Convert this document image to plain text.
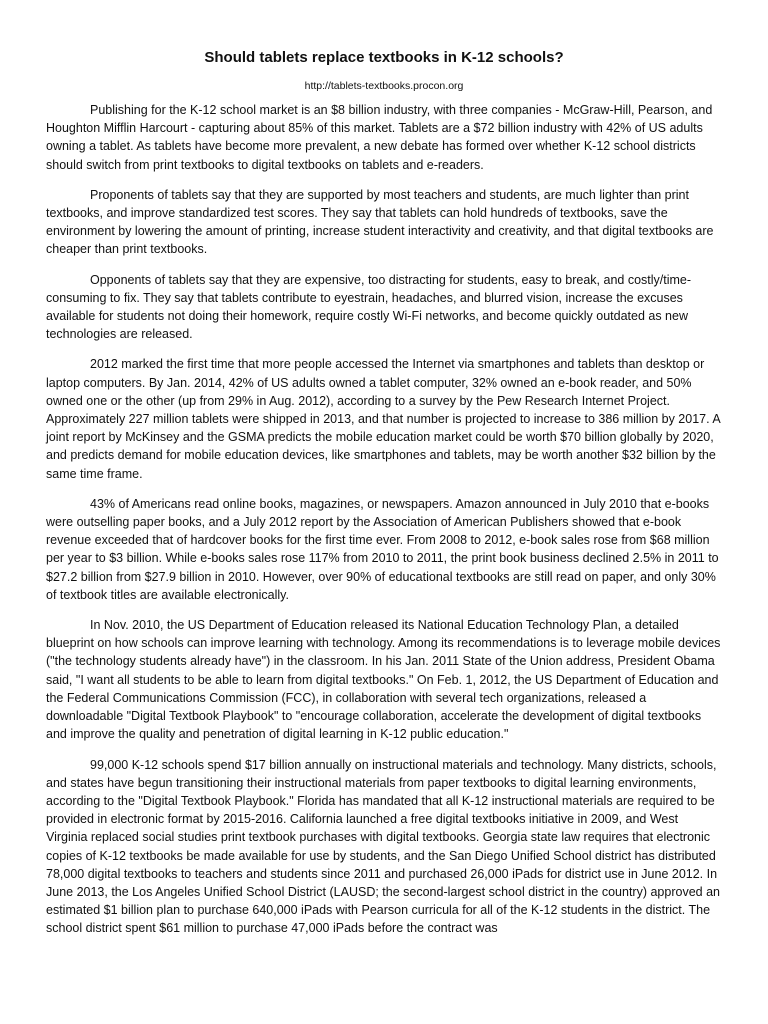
Should tablets replace textbooks in K-12 schools?
http://tablets-textbooks.procon.org

Publishing for the K-12 school market is an $8 billion industry, with three companies - McGraw-Hill, Pearson, and Houghton Mifflin Harcourt - capturing about 85% of this market. Tablets are a $72 billion industry with 42% of US adults owning a tablet. As tablets have become more prevalent, a new debate has formed over whether K-12 school districts should switch from print textbooks to digital textbooks on tablets and e-readers.

Proponents of tablets say that they are supported by most teachers and students, are much lighter than print textbooks, and improve standardized test scores. They say that tablets can hold hundreds of textbooks, save the environment by lowering the amount of printing, increase student interactivity and creativity, and that digital textbooks are cheaper than print textbooks.

Opponents of tablets say that they are expensive, too distracting for students, easy to break, and costly/time-consuming to fix. They say that tablets contribute to eyestrain, headaches, and blurred vision, increase the excuses available for students not doing their homework, require costly Wi-Fi networks, and become quickly outdated as new technologies are released.

2012 marked the first time that more people accessed the Internet via smartphones and tablets than desktop or laptop computers. By Jan. 2014, 42% of US adults owned a tablet computer, 32% owned an e-book reader, and 50% owned one or the other (up from 29% in Aug. 2012), according to a survey by the Pew Research Internet Project. Approximately 227 million tablets were shipped in 2013, and that number is projected to increase to 386 million by 2017. A joint report by McKinsey and the GSMA predicts the mobile education market could be worth $70 billion globally by 2020, and predicts demand for mobile education devices, like smartphones and tablets, may be worth another $32 billion by the same time frame.

43% of Americans read online books, magazines, or newspapers. Amazon announced in July 2010 that e-books were outselling paper books, and a July 2012 report by the Association of American Publishers showed that e-book revenue exceeded that of hardcover books for the first time ever. From 2008 to 2012, e-book sales rose from $68 million per year to $3 billion. While e-books sales rose 117% from 2010 to 2011, the print book business declined 2.5% in 2011 to $27.2 billion from $27.9 billion in 2010. However, over 90% of educational textbooks are still read on paper, and only 30% of textbook titles are available electronically.

In Nov. 2010, the US Department of Education released its National Education Technology Plan, a detailed blueprint on how schools can improve learning with technology. Among its recommendations is to leverage mobile devices ("the technology students already have") in the classroom. In his Jan. 2011 State of the Union address, President Obama said, "I want all students to be able to learn from digital textbooks." On Feb. 1, 2012, the US Department of Education and the Federal Communications Commission (FCC), in collaboration with several tech organizations, released a downloadable "Digital Textbook Playbook" to "encourage collaboration, accelerate the development of digital textbooks and improve the quality and penetration of digital learning in K-12 public education."

99,000 K-12 schools spend $17 billion annually on instructional materials and technology. Many districts, schools, and states have begun transitioning their instructional materials from paper textbooks to digital learning environments, according to the "Digital Textbook Playbook." Florida has mandated that all K-12 instructional materials are required to be provided in electronic format by 2015-2016. California launched a free digital textbooks initiative in 2009, and West Virginia replaced social studies print textbook purchases with digital textbooks. Georgia state law requires that electronic copies of K-12 textbooks be made available for use by students, and the San Diego Unified School district has distributed 78,000 digital textbooks to teachers and students since 2011 and purchased 26,000 iPads for district use in June 2012. In June 2013, the Los Angeles Unified School District (LAUSD; the second-largest school district in the country) approved an estimated $1 billion plan to purchase 640,000 iPads with Pearson curricula for all of the K-12 students in the district. The school district spent $61 million to purchase 47,000 iPads before the contract was
